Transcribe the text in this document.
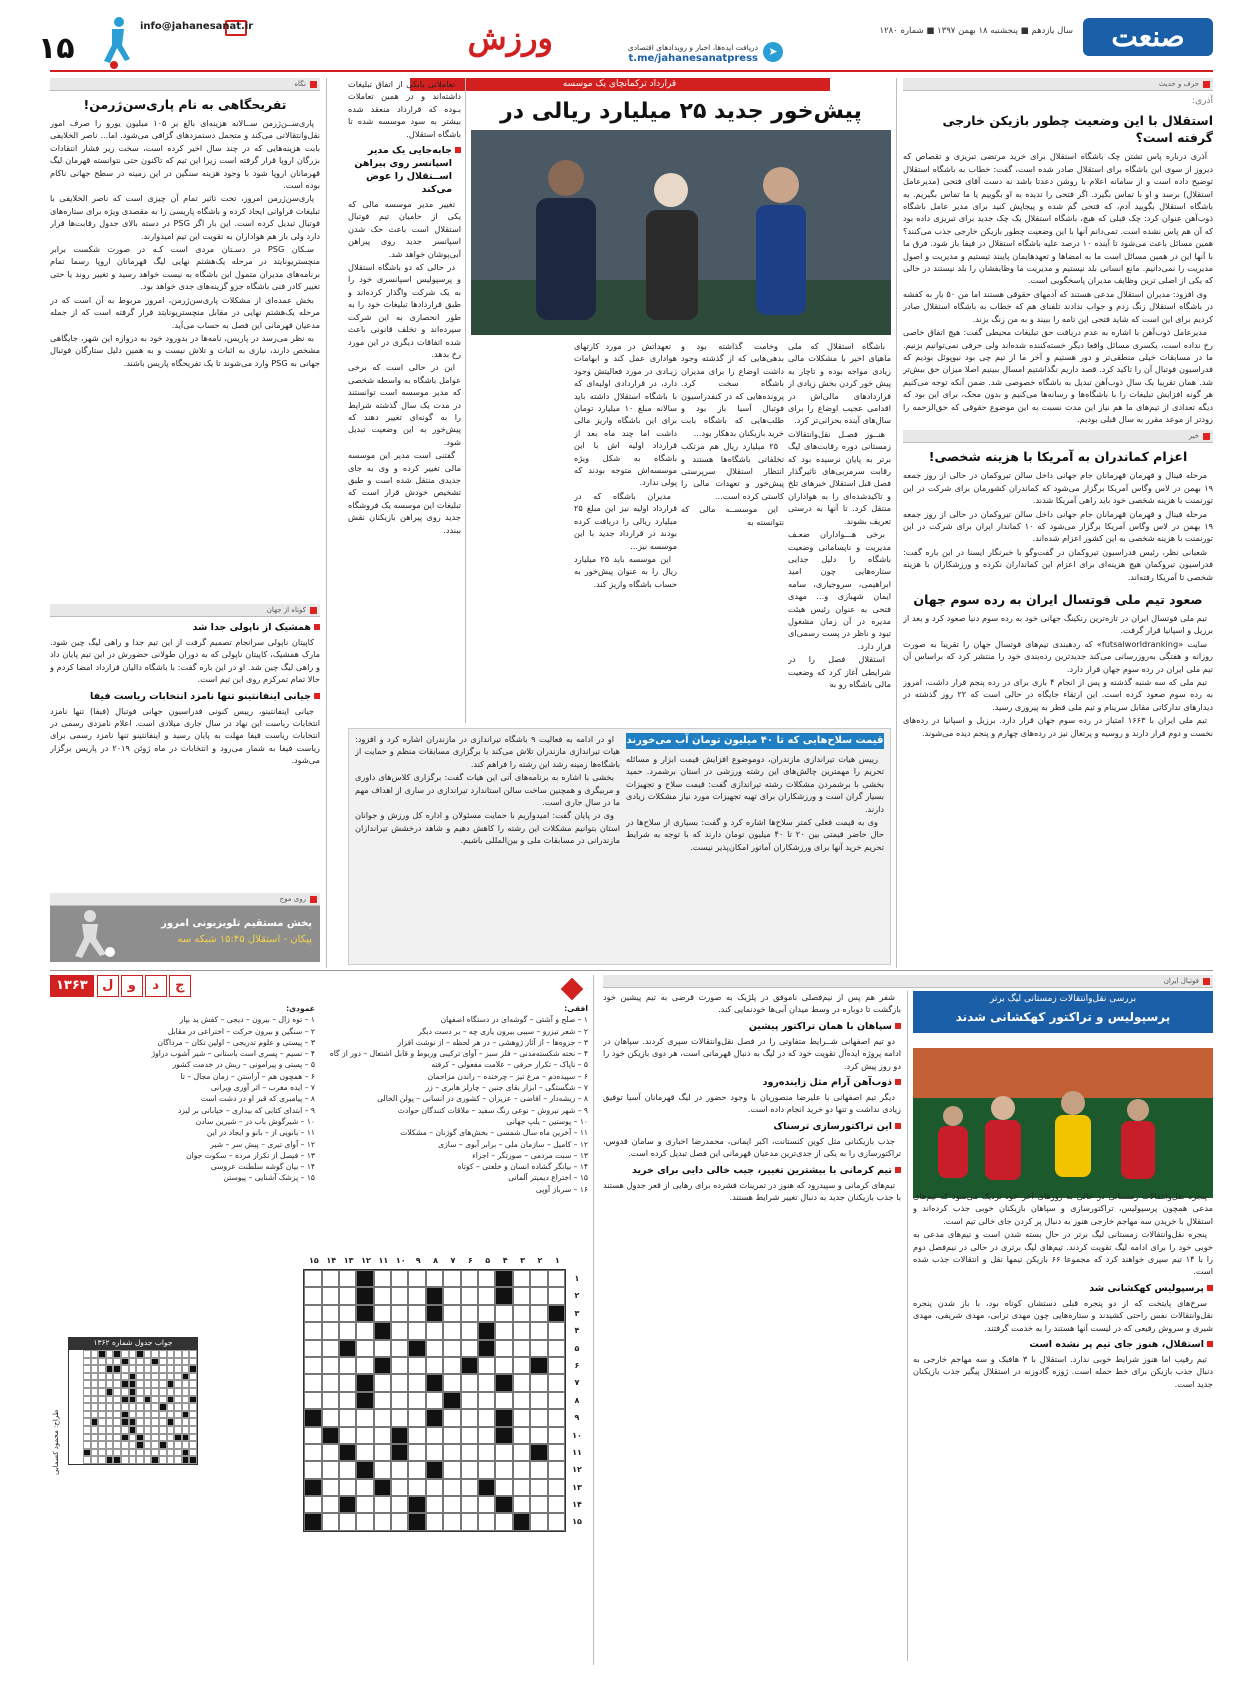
صنعت
سال یازدهم ■ پنجشنبه ۱۸ بهمن ۱۳۹۷ ■ شماره ۱۲۸۰
➤
دریافت ایده‌ها، اخبار و رویدادهای اقتصادی
t.me/jahanesanatpress
ورزش
۱۵
info@jahanesanat.ir
حرف و حدیث
آذری:
استقلال با این وضعیت چطور بازیکن خارجی گرفته است؟

آذری درباره پاس تشتن چک باشگاه استقلال برای خرید مرتضی تبریزی و تقصاص که دیروز از سوی این باشگاه برای استقلال صادر شده است، گفت: خطاب به باشگاه استقلال توضیح داده است و از سامانه اعلام با روشن دعدتا باشد نه دست آقای فتحی (مدیرعامل استقلال) برسد و او با تماس بگیرد. اگر فتحی را تدیده به او بگوییم یا ما تماس بگیریم. به باشگاه استقلال بگویید آدم، که فتحی گم شده و پیجاپش کنید برای مدیر عامل باشگاه ذوب‌آهن عنوان کرد: چک قبلی که هیچ، باشگاه استقلال یک چک جدید برای تبریزی داده بود که آن هم پاس نشده است. تمی‌دانم آنها با این وضعیت چطور بازیکن خارجی جذب می‌کنند؟ همین مسائل باعث می‌شود تا آینده ۱۰ درصد علیه باشگاه استقلال در فیفا باز شود. فرق ما با آنها این در همین مسائل است ما به امضاها و تعهدهایمان پایبند تیستیم و مدیریت و اصول مدیریت را نمی‌دانیم. مانع انسانی بلد نیستیم و مدیریت ما وظایفشان را بلد نیستند در حالی که یکی از اصلی ترین وظایف مدیران پاسخگویی است.

وی افزود: مدیران استقلال مدعی هستند که آدمهای حقوقی هستند اما من ۵۰ بار به کفشه در باشگاه استقلال زنگ زدم و جواب ندادند تلفنای هم که خطاب به باشگاه استقلال صادر کردیم برای این است که شاید فتحی این تامه را ببیند و به من زنگ بزند.

مدیرعامل ذوب‌آهن با اشاره به عدم دریافت حق تبلیغات محیطی گفت: هیچ اتفاق خاصی رخ نداده است، یکسری مسائل واقعا دیگر خسته‌کننده شده‌اند ولی حرفی نمی‌توانیم بزنیم. ما در مسابقات خیلی منطقی‌تر و دور هستیم و آخر ما از تیم چی بود نیوپوئل بودیم که فدراسیون فوتبال آن را تاکید کرد. قصد داریم نگذاشتیم امسال ببینیم اصلا میزان حق بیش‌تر شد. همان تقریبا یک سال ذوب‌آهن تبدیل به باشگاه خصوصی شد. ضمن آنکه توجه می‌کنیم هر گونه افزایش تبلیغات را با باشگاه‌ها و رسانه‌ها می‌کنیم و بدون محک، برای این بود که دیگه تعدادی از تیم‌های ما هم نیاز این مدت نسبت به این موضوع حقوقی که حق‌الزحمه را زودتر از موعد مقرر به سال قبلی بودیم.

خبر
اعزام کماندران به آمریکا با هزینه شخصی!

مرحله فینال و قهرمان قهرمانان جام جهانی داخل سالن تیروکمان در حالی از روز جمعه ۱۹ بهمن در لاس وگاس آمریکا برگزار می‌شود که کماندران کشورمان برای شرکت در این تورنمنت با هزینه شخصی خود باید راهی آمریکا شدند.

مرحله فینال و قهرمان قهرمانان جام جهانی داخل سالن تیروکمان در حالی از روز جمعه ۱۹ بهمن در لاس وگاس آمریکا برگزار می‌شود که ۱۰ کماندار ایران برای شرکت در این تورنمنت با هزینه شخصی به این کشور اعزام شده‌اند.

شعبانی نظر، رئیس فدراسیون تیروکمان در گفت‌وگو با خبرنگار ایسنا در این باره گفت: فدراسیون تیروکمان هیچ هزینه‌ای برای اعزام این کمانداران نکرده و ورزشکاران با هزینه شخصی تا آمریکا رفته‌اند.

صعود تیم ملی فوتسال ایران به رده سوم جهان

تیم ملی فوتسال ایران در تازه‌ترین رنکینگ جهانی خود به رده سوم دنیا صعود کرد و بعد از برزیل و اسپانیا قرار گرفت.

سایت «futsalworldranking» که ردهبندی تیم‌های فوتسال جهان را تقریبا به صورت روزانه و هفتگی به‌روزرسانی می‌کند جدیدترین رده‌بندی خود را منتشر کرد که براساس آن تیم ملی ایران در رده سوم جهان قرار دارد.

تیم ملی که سه شنبه گذشته و پس از انجام ۴ بازی برای در رده پنجم قرار داشت، امروز به رده سوم صعود کرده است. این ارتقاء جایگاه در حالی است که ۲۲ روز گذشته در دیدارهای تدارکاتی مقابل سرینام و تیم ملی قطر به پیروزی رسید.

تیم ملی ایران با ۱۶۶۳ امتیاز در رده سوم جهان قرار دارد. برزیل و اسپانیا در رده‌های نخست و دوم قرار دارند و روسیه و پرتغال نیز در رده‌های چهارم و پنجم دیده می‌شوند.

قرارداد ترکمانچای یک موسسه
پیش‌خور جدید ۲۵ میلیارد ریالی در

باشگاه استقلال که ملی ماهیای اخیر با مشکلات مالی زیادی مواجه بوده و تاچار به پیش خور کردن بخش زیادی از قراردادهای مالی‌اش در اقدامی عجیب اوضاع را برای سال‌های آینده بحرانی‌تر کرد.

هنــوز فصـل نقل‌وانتقالات زمستانی دوره رقابت‌های لیگ برتر به پایان نرسیده بود که رقابت سرمربی‌های تاثیرگذار فصل قبل استقلال خبرهای تلخ و تاکیدشده‌ای را به هواداران منتقل کرد. تا آنها به درستی تعریف بشوند.

برخی هـــواداران ضعـف مدیریت و ناپسامانی وضعیت باشگاه را دلیل جدایی ستاره‌هایی چون امید ابراهیمی، سروجیاری، سامه ایمان شهبازی و... مهدی فتحی به عنوان رئیس هیئت مدیره در آن زمان مشغول تبود و ناظر در پست رسمی‌ای قرار دارد.

استقلال فصل را در شرایطی آغاز کرد که وضعیت مالی باشگاه رو به

وخامت گذاشته بود و بدهی‌هایی که از گذشته وجود داشت اوضاع را برای مدیران باشگاه سخت کرد. پرونده‌هایی که در کنفدراسیون فوتبال آسیا باز بود و طلب‌هایی که باشگاه بابت خرید بازیکنان بدهکار بود...

۲۵ میلیارد ریال هم مرتکب تخلفاتی باشگاه‌ها هستند و انتظار استقلال سرپرستی پیش‌خور و تعهدات مالی را کاستی کرده است...

این موسســه مالی که نتوانسته به

تعهداتش در مورد کارتهای هواداری عمل کند و ابهامات زیـادی در مورد فعالیتش وجود دارد، در قراردادی اولیه‌ای که با باشگاه استقلال داشته باید سالانه مبلغ ۱۰ میلیارد تومان برای این باشگاه واریز مالی داشت اما چند ماه بعد از قرارداد اولیه اش با این باشگاه به شکل ویژه موسسه‌اش متوجه بودند که پولی ندارد.

مدیران باشگاه که در قرارداد اولیه نیز این مبلغ ۲۵ میلیارد ریالی را دریافت کرده بودند در قرارداد جدید با این موسسه نیز...

این موسسه باید ۲۵ میلیارد ریال را به عنوان پیش‌خور به حساب باشگاه واریز کند.

تعاملاتی یابکی از اتفاق تبلیغات داشته‌اند و در همین تعاملات بـوده که قرارداد منعقد شده بیشتر به سود موسسه شده تا باشگاه استقلال.

جابه‌جایی یک مدیر اسپانسر روی پیراهن اســتقلال را عوض می‌کند

تغییر مدیر موسسه مالی که یکی از حامیان تیم فوتبال استقلال است باعث حک شدن اسپانسر جدید روی پیراهن آبی‌پوشان خواهد شد.

در حالی که دو باشگاه استقلال و پرسپولیس اسپانسری خود را به یک شرکت واگذار کرده‌اند و طبق قراردادها تبلیغات خود را به طور انحصاری به این شرکت سپرده‌اند و تخلف قانونی باعث شده اتفاقات دیگری در این مورد رخ بدهد.

این در حالی است که برخی عوامل باشگاه به واسطه شخصی که مدیر موسسه است توانستند در مدت یک سال گذشته شرایط را به گونه‌ای تغییر دهند که پیش‌خور به این وضعیت تبدیل شود.

گفتنی است مدیر این موسسه مالی تغییر کرده و وی به جای جدیدی منتقل شده است و طبق تشخیص خودش قرار است که تبلیغات این موسسه یک فروشگاه جدید روی پیراهن بازیکنان نقش ببندد.

قیمت سلاح‌هایی که تا ۴۰ میلیون تومان آب می‌خورند

رییس هیات تیراندازی مازندران، دوموضوع افزایش قیمت ابزار و مسائله تحریم را مهمترین چالش‌های این رشته ورزشی در استان برشمرد. حمید بخشی با برشمردن مشکلات رشته تیراندازی گفت: قیمت سلاح و تجهیزات بسیار گران است و ورزشکاران برای تهیه تجهیزات مورد نیاز مشکلات زیادی دارند.

وی به قیمت فعلی کمتر سلاح‌ها اشاره کرد و گفت: بسیاری از سلاح‌ها در حال حاضر قیمتی بین ۲۰ تا ۴۰ میلیون تومان دارند که با توجه به شرایط تحریم خرید آنها برای ورزشکاران آماتور امکان‌پذیر نیست.

او در ادامه به فعالیت ۹ باشگاه تیراندازی در مازندران اشاره کرد و افزود: هیات تیراندازی مازندران تلاش می‌کند با برگزاری مسابقات منظم و حمایت از باشگاه‌ها زمینه رشد این رشته را فراهم کند.

بخشی با اشاره به برنامه‌های آتی این هیات گفت: برگزاری کلاس‌های داوری و مربیگری و همچنین ساخت سالن استاندارد تیراندازی در ساری از اهداف مهم ما در سال جاری است.

وی در پایان گفت: امیدواریم با حمایت مسئولان و اداره کل ورزش و جوانان استان بتوانیم مشکلات این رشته را کاهش دهیم و شاهد درخشش تیراندازان مازندرانی در مسابقات ملی و بین‌المللی باشیم.

نگاه
تفریحگاهی به نام پاری‌سن‌ژرمن!

پاری‌ســن‌ژرمن ســالانه هزینه‌ای بالغ بر ۱۰۵ میلیون یورو را صرف امور نقل‌وانتقالاتی می‌کند و متحمل دستمزدهای گزافی می‌شود. اما... ناصر الخلایفی بابت هزینه‌هایی که در چند سال اخیر کرده است، سخت زیر فشار انتقادات بزرگان اروپا قرار گرفته است زیرا این تیم که تاکنون حتی نتوانسته قهرمان لیگ قهرمانان اروپا شود با وجود هزینه سنگین در این زمینه در سطح جهانی ناکام بوده است.

پاری‌سن‌ژرمن امروز، تحت تاثیر تمام آن چیزی است که ناصر الخلایفی با تبلیغات فراوانی ایجاد کرده و باشگاه پاریسی را به مقصدی ویژه برای ستاره‌های فوتبال تبدیل کرده است. این بار اگر PSG در دسته بالای جدول رقابت‌ها قرار دارد ولی باز هم هواداران به تقویت این تیم امیدوارند.

سـکان PSG در دسـتان مردی است کـه در صورت شکست برابر منچستریونایتد در مرحله یک‌هشتم نهایی لیگ قهرمانان اروپا رسما تمام برنامه‌های مدیران متمول این باشگاه به نیست خواهد رسید و تغییر روند یا حتی تغییر کادر فنی باشگاه جزو گزینه‌های جدی خواهد بود.

بخش عمده‌ای از مشکلات پاری‌سن‌ژرمن، امروز مربوط به آن است که در مرحله یک‌هشتم نهایی در مقابل منچستریونایتد قرار گرفته است که از جمله مدعیان قهرمانی این فصل به حساب می‌آید.

به نظر می‌رسد در پاریس، نامه‌ها در بدورود خود به دروازه این شهر، جایگاهی مشخص دارند، نیازی به اثبات و تلاش نیست و به همین دلیل ستارگان فوتبال جهانی به PSG وارد می‌شوند تا یک تفریحگاه پاریس باشند.

کوتاه از جهان
همشیک از ناپولی جدا شد

کاپیتان ناپولی سرانجام تصمیم گرفت از این تیم جدا و راهی لیگ چین شود. مارک همشیک، کاپیتان ناپولی که به دوران طولانی حضورش در این تیم پایان داد و راهی لیگ چین شد. او در این باره گفت: با باشگاه دالیان قرارداد امضا کردم و حالا تمام تمرکزم روی این تیم است.

جیانی اینفانتینو تنها نامزد انتخابات ریاست فیفا

جیانی اینفانتینو، رییس کنونی فدراسیون جهانی فوتبال (فیفا) تنها نامزد انتخابات ریاست این نهاد در سال جاری میلادی است. اعلام نامزدی رسمی در انتخابات ریاست فیفا مهلت به پایان رسید و اینفانتینو تنها نامزد رسمی برای ریاست فیفا به شمار می‌رود و انتخابات در ماه ژوئن ۲۰۱۹ در پاریس برگزار می‌شود.

روی موج
پخش مستقیم تلویزیونی امروز
پیکان - استقلال ۱۵:۴۵ شبکه سه
فوتبال ایران
بررسی نقل‌وانتقالات زمستانی لیگ برتر
پرسپولیس و تراکتور کهکشانی شدند

پنجره نقل‌وانتقالات زمستانی در حالی به روزهای آخر خود نزدیک می‌شود که تیم‌های مدعی همچون پرسپولیس، تراکتورسازی و سپاهان بازیکنان خوبی جذب کرده‌اند و استقلال با خریدن سه مهاجم خارجی هنوز به دنبال پر کردن جای خالی تیم است.

پنجره نقل‌وانتقالات زمستانی لیگ برتر در حال بسته شدن است و تیم‌های مدعی به خوبی خود را برای ادامه لیگ تقویت کردند. تیم‌های لیگ برتری در حالی در نیم‌فصل دوم را با ۱۴ تیم سپری خواهند کرد که مجموعا ۶۶ بازیکن تیمها نقل و انتقالات جذب شده است.

پرسپولیس کهکشانی شد

سرخ‌های پایتخت که از دو پنجره قبلی دستشان کوتاه بود، با باز شدن پنجره نقل‌وانتقالات نفس راحتی کشیدند و ستاره‌هایی چون مهدی ترابی، مهدی شریفی، مهدی شیری و سروش رفیعی که در لیست آنها هستند را به خدمت گرفتند.

استقلال، هنوز جای تیم پر نشده است

تیم رقیب اما هنوز شرایط خوبی ندارد. استقلال با ۳ هافبک و سه مهاجم خارجی به دنبال جذب بازیکن برای خط حمله است. ژوزه گادوزنه در استقلال پیگیر جذب بازیکنان جدید است.

شفر هم پس از نیم‌فصلی ناموفق در پلژیک به صورت قرضی به تیم پیشین خود بازگشت تا دوباره در وسط میدان آبی‌ها خودنمایی کند.

سپاهان با همان تراکتور پیشین

دو تیم اصفهانی شــرایط متفاوتی را در فصل نقل‌وانتقالات سپری کردند. سپاهان در ادامه پروژه ایده‌آل تقویت خود که در لیگ به دنبال قهرمانی است، هر دوی بازیکن خود را دو روز پیش کرد.

ذوب‌آهن آرام مثل زاینده‌رود

دیگر تیم اصفهانی با علیرضا منصوریان با وجود حضور در لیگ قهرمانان آسیا توفیق زیادی نداشت و تنها دو خرید انجام داده است.

این تراکتورسازی ترسناک

جذب بازیکنانی مثل کوین کنستانت، اکبر ایمانی، محمدرضا اخباری و سامان قدوس، تراکتورسازی را به یکی از جدی‌ترین مدعیان قهرمانی این فصل تبدیل کرده است.

تیم کرمانی با بیشترین تغییر، جیب خالی دایی برای خرید

تیم‌های کرمانی و سپیدرود که هنوز در تمرینات فشرده برای رهایی از قعر جدول هستند با جذب بازیکنان جدید به دنبال تغییر شرایط هستند.

۱۳۶۳	ج
د
و
ل
افقی:
۱ – صلح و آشتی – گوشه‌ای در دستگاه اصفهان
۲ – شعر تیزرو – سیبی بیرون یاری چه – بر دست دیگر
۳ – جزوه‌ها – از آثار ژوهشی – در هر لحظه – از نوشت افزار
۴ – نخته شکسته‌مدنی – فلز سبز – آوای ترکیبی وربوط و قابل اشتعال – دور از گاه
۵ – ناپاک – تکرار حرفی – علامت مفعولی – کرفته
۶ – سپیده‌دم – مرغ تیز – چرخنده – راندن مزاحمان
۷ – شگستگی – ابزار بقای جنین – چارلز هانری – زر
۸ – ریشه‌دار – افاضی – عزیزان – کشوری در انسانی – پولن الخالی
۹ – شهر نیروش – نوعی رنگ سفید – ملاقات کنندگان حوادث
۱۰ – پوستین – یلپ جهانی
۱۱ – آخرین ماه سال شمسی – بخش‌های گوزنان – مشکلات
۱۲ – کامیل – سازمان ملی – برابر آبوی – سازی
۱۳ – سبت مردمی – صورتگر – اجزاء
۱۴ – بیانگر گشاده انسان و خلعتی – کوتاه
۱۵ – اختراع دیمیتر آلمانی
۱۶ – سرباز آوپی
عمودی:
۱ – توه زال – بیرون – دیجی – کفش ید بپار
۲ – سنگین و بیرون حرکت – اختراعی در مقابل
۳ – پیستی و علوم تدریجی – اولین تکان – مرداگان
۴ – نسیم – پسری است باستانی – شیر آشوب دراوژ
۵ – پستی و پیرامونی – ریش در خدمت کشور
۶ – همچون هم – آراستن – زمان مجال – تا
۷ – ایده مغرب – اثر آوری ویرانی
۸ – پیامبری که قبر او در دشت است
۹ – ابتدای کتابی که بیداری – خیابانی بر لیزد
۱۰ – شیرگوش باب در – شیرین سادن
۱۱ – بانویی از – بانو و ایجاد در این
۱۲ – آوای تیری – پیش سر – شیر
۱۳ – فیصل از تکرار مرده – سکوت جوان
۱۴ – بیان گوشه سلطنت عروسی
۱۵ – پزشک آشنایی – پیوستن
۱۵ ۱۴ ۱۳ ۱۲ ۱۱ ۱۰	۹	۸	۷	۶	۵	۴	۳	۲	۱
۱
۲
۳
۴
۵
۶
۷
۸
۹
۱۰
۱۱
۱۲
۱۳
۱۴
۱۵
جواب جدول شماره ۱۳۶۲
طراح: محمود کسمایی
